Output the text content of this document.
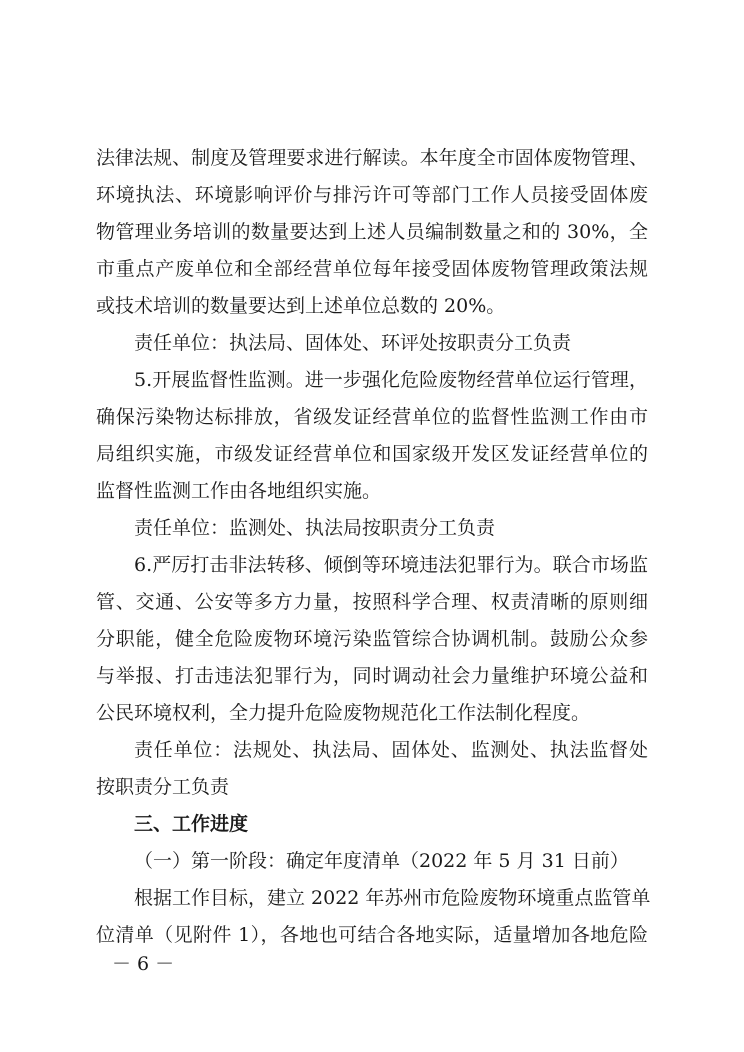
法律法规、制度及管理要求进行解读。本年度全市固体废物管理、
环境执法、环境影响评价与排污许可等部门工作人员接受固体废
物管理业务培训的数量要达到上述人员编制数量之和的 30%，全
市重点产废单位和全部经营单位每年接受固体废物管理政策法规
或技术培训的数量要达到上述单位总数的 20%。
责任单位：执法局、固体处、环评处按职责分工负责
5.开展监督性监测。进一步强化危险废物经营单位运行管理，
确保污染物达标排放，省级发证经营单位的监督性监测工作由市
局组织实施，市级发证经营单位和国家级开发区发证经营单位的
监督性监测工作由各地组织实施。
责任单位：监测处、执法局按职责分工负责
6.严厉打击非法转移、倾倒等环境违法犯罪行为。联合市场监
管、交通、公安等多方力量，按照科学合理、权责清晰的原则细
分职能，健全危险废物环境污染监管综合协调机制。鼓励公众参
与举报、打击违法犯罪行为，同时调动社会力量维护环境公益和
公民环境权利，全力提升危险废物规范化工作法制化程度。
责任单位：法规处、执法局、固体处、监测处、执法监督处
按职责分工负责
三、工作进度
（一）第一阶段：确定年度清单（2022 年 5 月 31 日前）
根据工作目标，建立 2022 年苏州市危险废物环境重点监管单
位清单（见附件 1），各地也可结合各地实际，适量增加各地危险
－ 6 －
